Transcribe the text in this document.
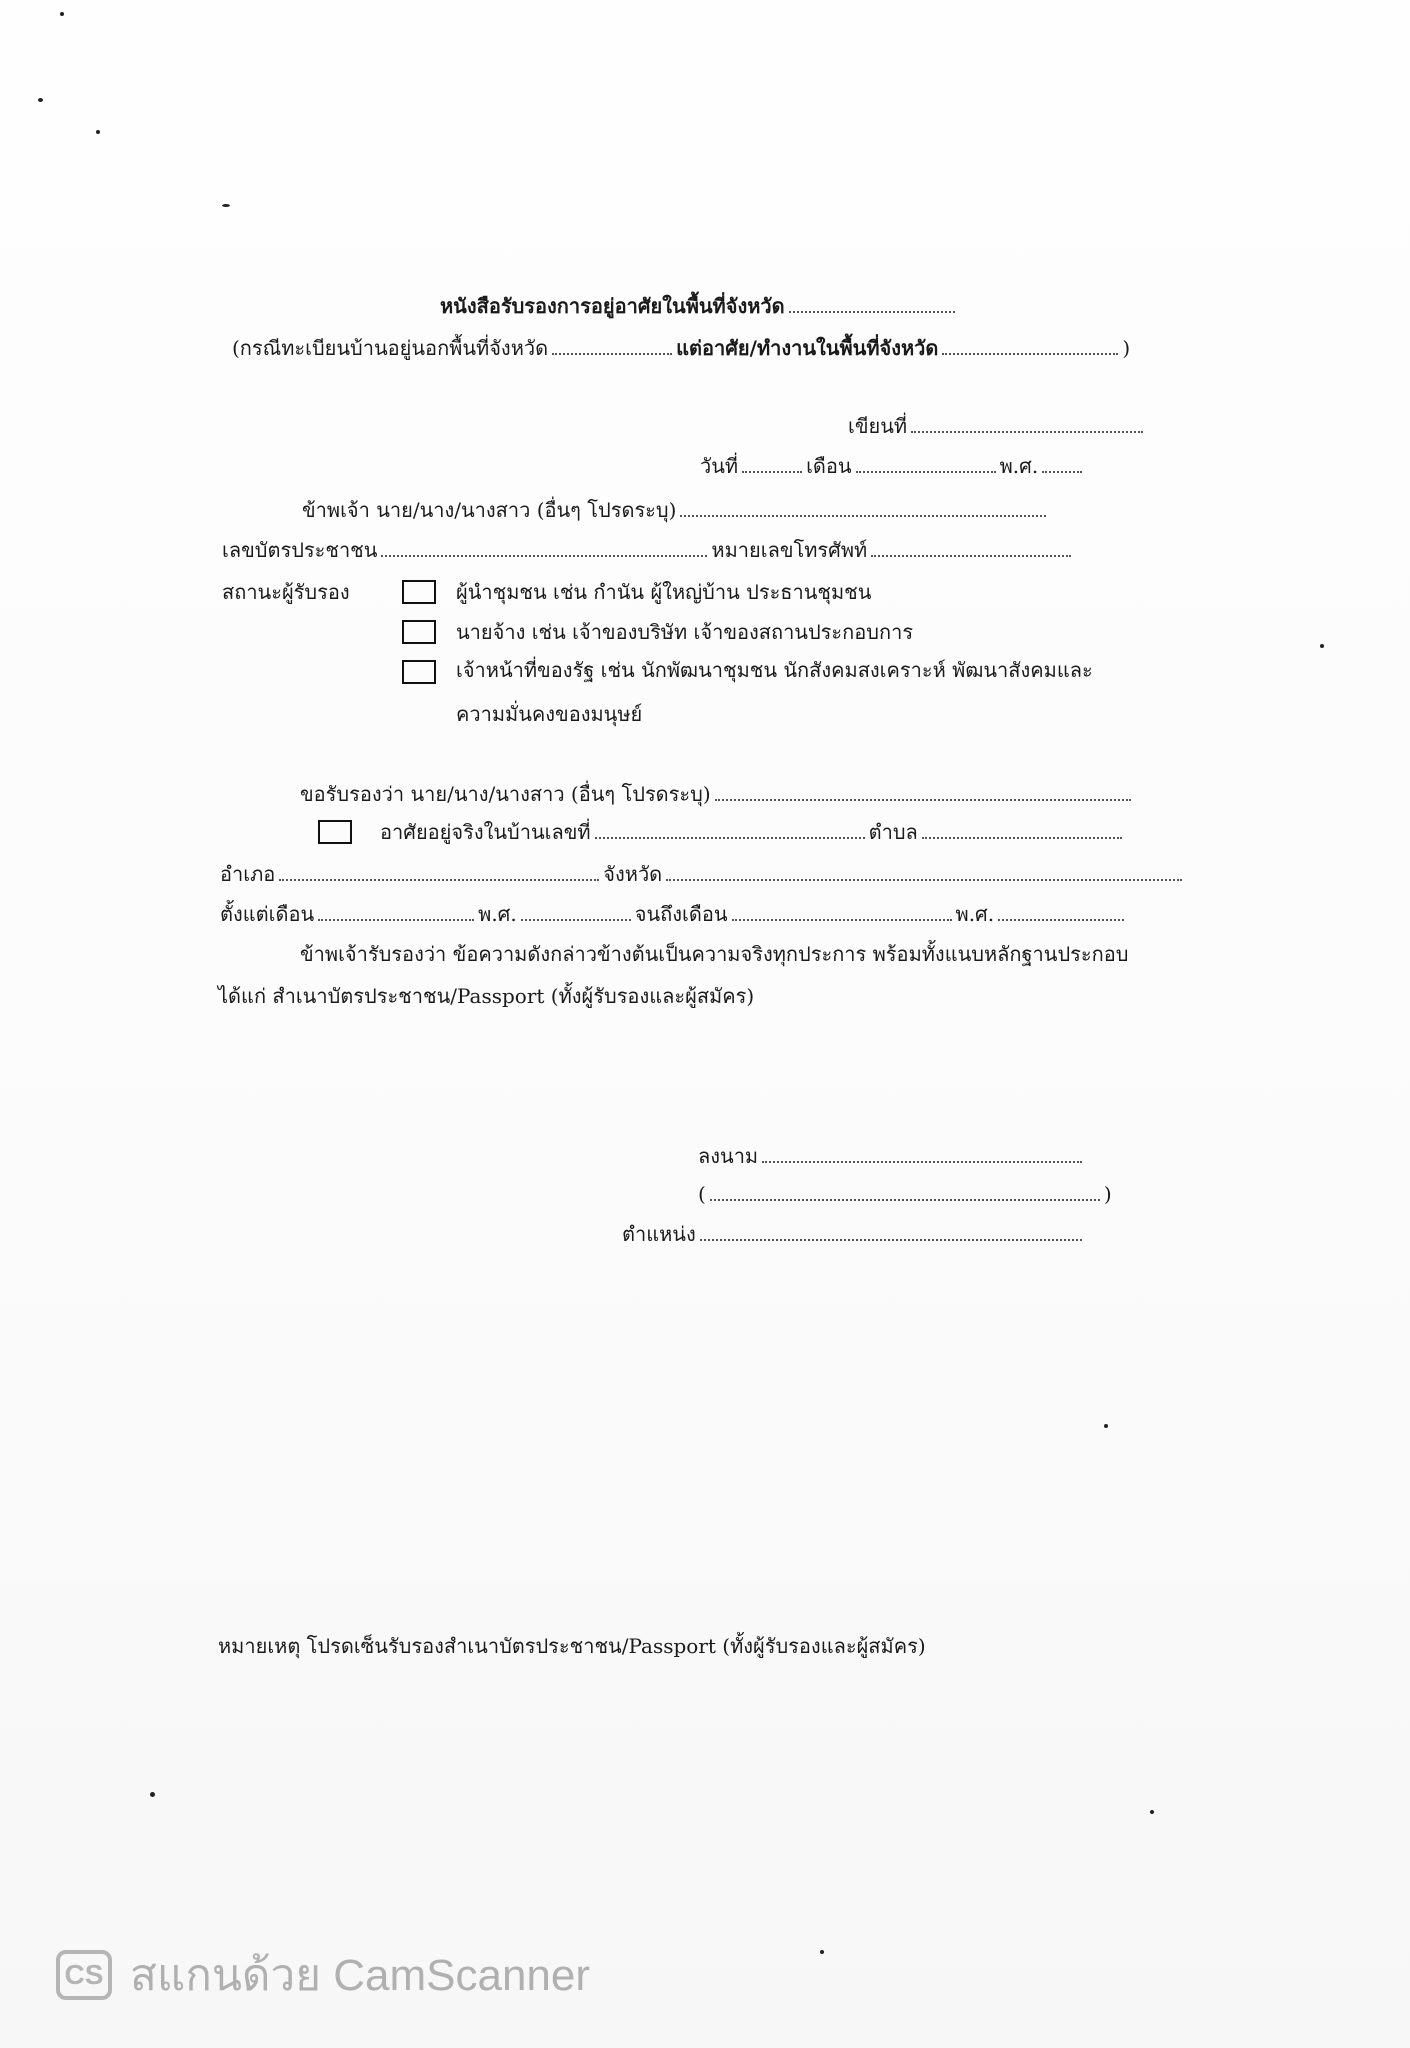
หนังสือรับรองการอยู่อาศัยในพื้นที่จังหวัด
(กรณีทะเบียนบ้านอยู่นอกพื้นที่จังหวัด	แต่อาศัย/ทำงานในพื้นที่จังหวัด	)
เขียนที่
วันที่	เดือน	พ.ศ.
ข้าพเจ้า นาย/นาง/นางสาว (อื่นๆ โปรดระบุ)
เลขบัตรประชาชน	หมายเลขโทรศัพท์
สถานะผู้รับรอง	ผู้นำชุมชน เช่น กำนัน ผู้ใหญ่บ้าน ประธานชุมชน
นายจ้าง เช่น เจ้าของบริษัท เจ้าของสถานประกอบการ
เจ้าหน้าที่ของรัฐ เช่น นักพัฒนาชุมชน นักสังคมสงเคราะห์ พัฒนาสังคมและ
ความมั่นคงของมนุษย์
ขอรับรองว่า นาย/นาง/นางสาว (อื่นๆ โปรดระบุ)
อาศัยอยู่จริงในบ้านเลขที่	ตำบล
อำเภอ	จังหวัด
ตั้งแต่เดือน	พ.ศ.	จนถึงเดือน	พ.ศ.
ข้าพเจ้ารับรองว่า ข้อความดังกล่าวข้างต้นเป็นความจริงทุกประการ พร้อมทั้งแนบหลักฐานประกอบ
ได้แก่ สำเนาบัตรประชาชน/Passport (ทั้งผู้รับรองและผู้สมัคร)
ลงนาม
(	)
ตำแหน่ง
หมายเหตุ โปรดเซ็นรับรองสำเนาบัตรประชาชน/Passport (ทั้งผู้รับรองและผู้สมัคร)
CS สแกนด้วย CamScanner
